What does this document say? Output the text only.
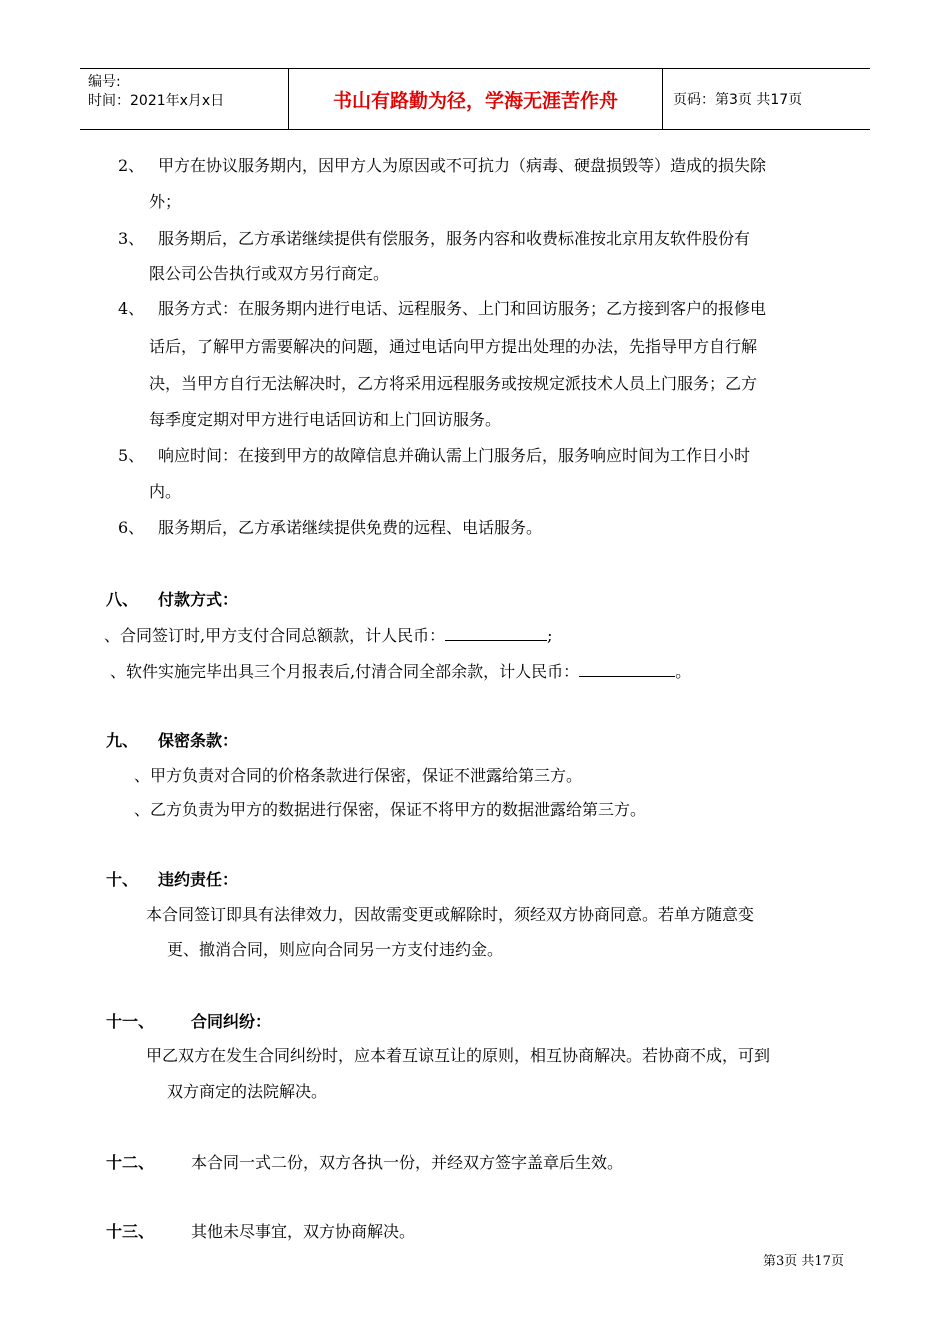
编号:
时间：2021年x月x日	书山有路勤为径，学海无涯苦作舟	页码：第3页 共17页
2、 甲方在协议服务期内，因甲方人为原因或不可抗力（病毒、硬盘损毁等）造成的损失除
外；
3、 服务期后，乙方承诺继续提供有偿服务，服务内容和收费标准按北京用友软件股份有
限公司公告执行或双方另行商定。
4、 服务方式：在服务期内进行电话、远程服务、上门和回访服务；乙方接到客户的报修电
话后，了解甲方需要解决的问题，通过电话向甲方提出处理的办法，先指导甲方自行解
决，当甲方自行无法解决时，乙方将采用远程服务或按规定派技术人员上门服务；乙方
每季度定期对甲方进行电话回访和上门回访服务。
5、 响应时间：在接到甲方的故障信息并确认需上门服务后，服务响应时间为工作日小时
内。
6、 服务期后，乙方承诺继续提供免费的远程、电话服务。
八、 付款方式：
、合同签订时,甲方支付合同总额款，计人民币：	;
、软件实施完毕出具三个月报表后,付清合同全部余款，计人民币：	。
九、 保密条款：
、甲方负责对合同的价格条款进行保密，保证不泄露给第三方。
、乙方负责为甲方的数据进行保密，保证不将甲方的数据泄露给第三方。
十、 违约责任：
本合同签订即具有法律效力，因故需变更或解除时，须经双方协商同意。若单方随意变
更、撤消合同，则应向合同另一方支付违约金。
十一、 合同纠纷：
甲乙双方在发生合同纠纷时，应本着互谅互让的原则，相互协商解决。若协商不成，可到
双方商定的法院解决。
十二、 本合同一式二份，双方各执一份，并经双方签字盖章后生效。
十三、 其他未尽事宜，双方协商解决。
第3页 共17页
